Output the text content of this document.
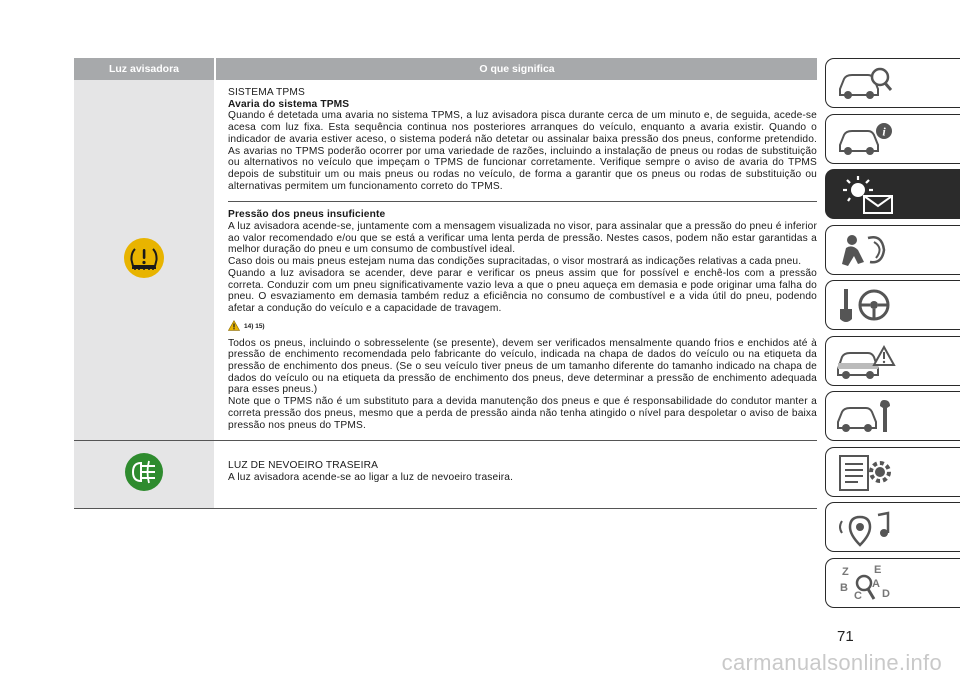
Luz avisadora	O que significa

SISTEMA TPMS

Avaria do sistema TPMS

Quando é detetada uma avaria no sistema TPMS, a luz avisadora pisca durante cerca de um minuto e, de seguida, acede-se acesa com luz fixa. Esta sequência continua nos posteriores arranques do veículo, enquanto a avaria existir. Quando o indicador de avaria estiver aceso, o sistema poderá não detetar ou assinalar baixa pressão dos pneus, conforme pretendido. As avarias no TPMS poderão ocorrer por uma variedade de razões, incluindo a instalação de pneus ou rodas de substituição ou alternativos no veículo que impeçam o TPMS de funcionar corretamente. Verifique sempre o aviso de avaria do TPMS depois de substituir um ou mais pneus ou rodas no veículo, de forma a garantir que os pneus ou rodas de substituição ou alternativas permitem um funcionamento correto do TPMS.

Pressão dos pneus insuficiente

A luz avisadora acende-se, juntamente com a mensagem visualizada no visor, para assinalar que a pressão do pneu é inferior ao valor recomendado e/ou que se está a verificar uma lenta perda de pressão. Nestes casos, podem não estar garantidas a melhor duração do pneu e um consumo de combustível ideal.

Caso dois ou mais pneus estejam numa das condições supracitadas, o visor mostrará as indicações relativas a cada pneu.

Quando a luz avisadora se acender, deve parar e verificar os pneus assim que for possível e enchê-los com a pressão correta. Conduzir com um pneu significativamente vazio leva a que o pneu aqueça em demasia e pode originar uma falha do pneu. O esvaziamento em demasia também reduz a eficiência no consumo de combustível e a vida útil do pneu, podendo afetar a condução do veículo e a capacidade de travagem.

14) 15)

Todos os pneus, incluindo o sobresselente (se presente), devem ser verificados mensalmente quando frios e enchidos até à pressão de enchimento recomendada pelo fabricante do veículo, indicada na chapa de dados do veículo ou na etiqueta da pressão de enchimento dos pneus. (Se o seu veículo tiver pneus de um tamanho diferente do tamanho indicado na chapa de dados do veículo ou na etiqueta da pressão de enchimento dos pneus, deve determinar a pressão de enchimento adequada para esses pneus.)

Note que o TPMS não é um substituto para a devida manutenção dos pneus e que é responsabilidade do condutor manter a correta pressão dos pneus, mesmo que a perda de pressão ainda não tenha atingido o nível para despoletar o aviso de baixa pressão nos pneus do TPMS.

LUZ DE NEVOEIRO TRASEIRA

A luz avisadora acende-se ao ligar a luz de nevoeiro traseira.

i
Z E
B A
C D
71
carmanualsonline.info
